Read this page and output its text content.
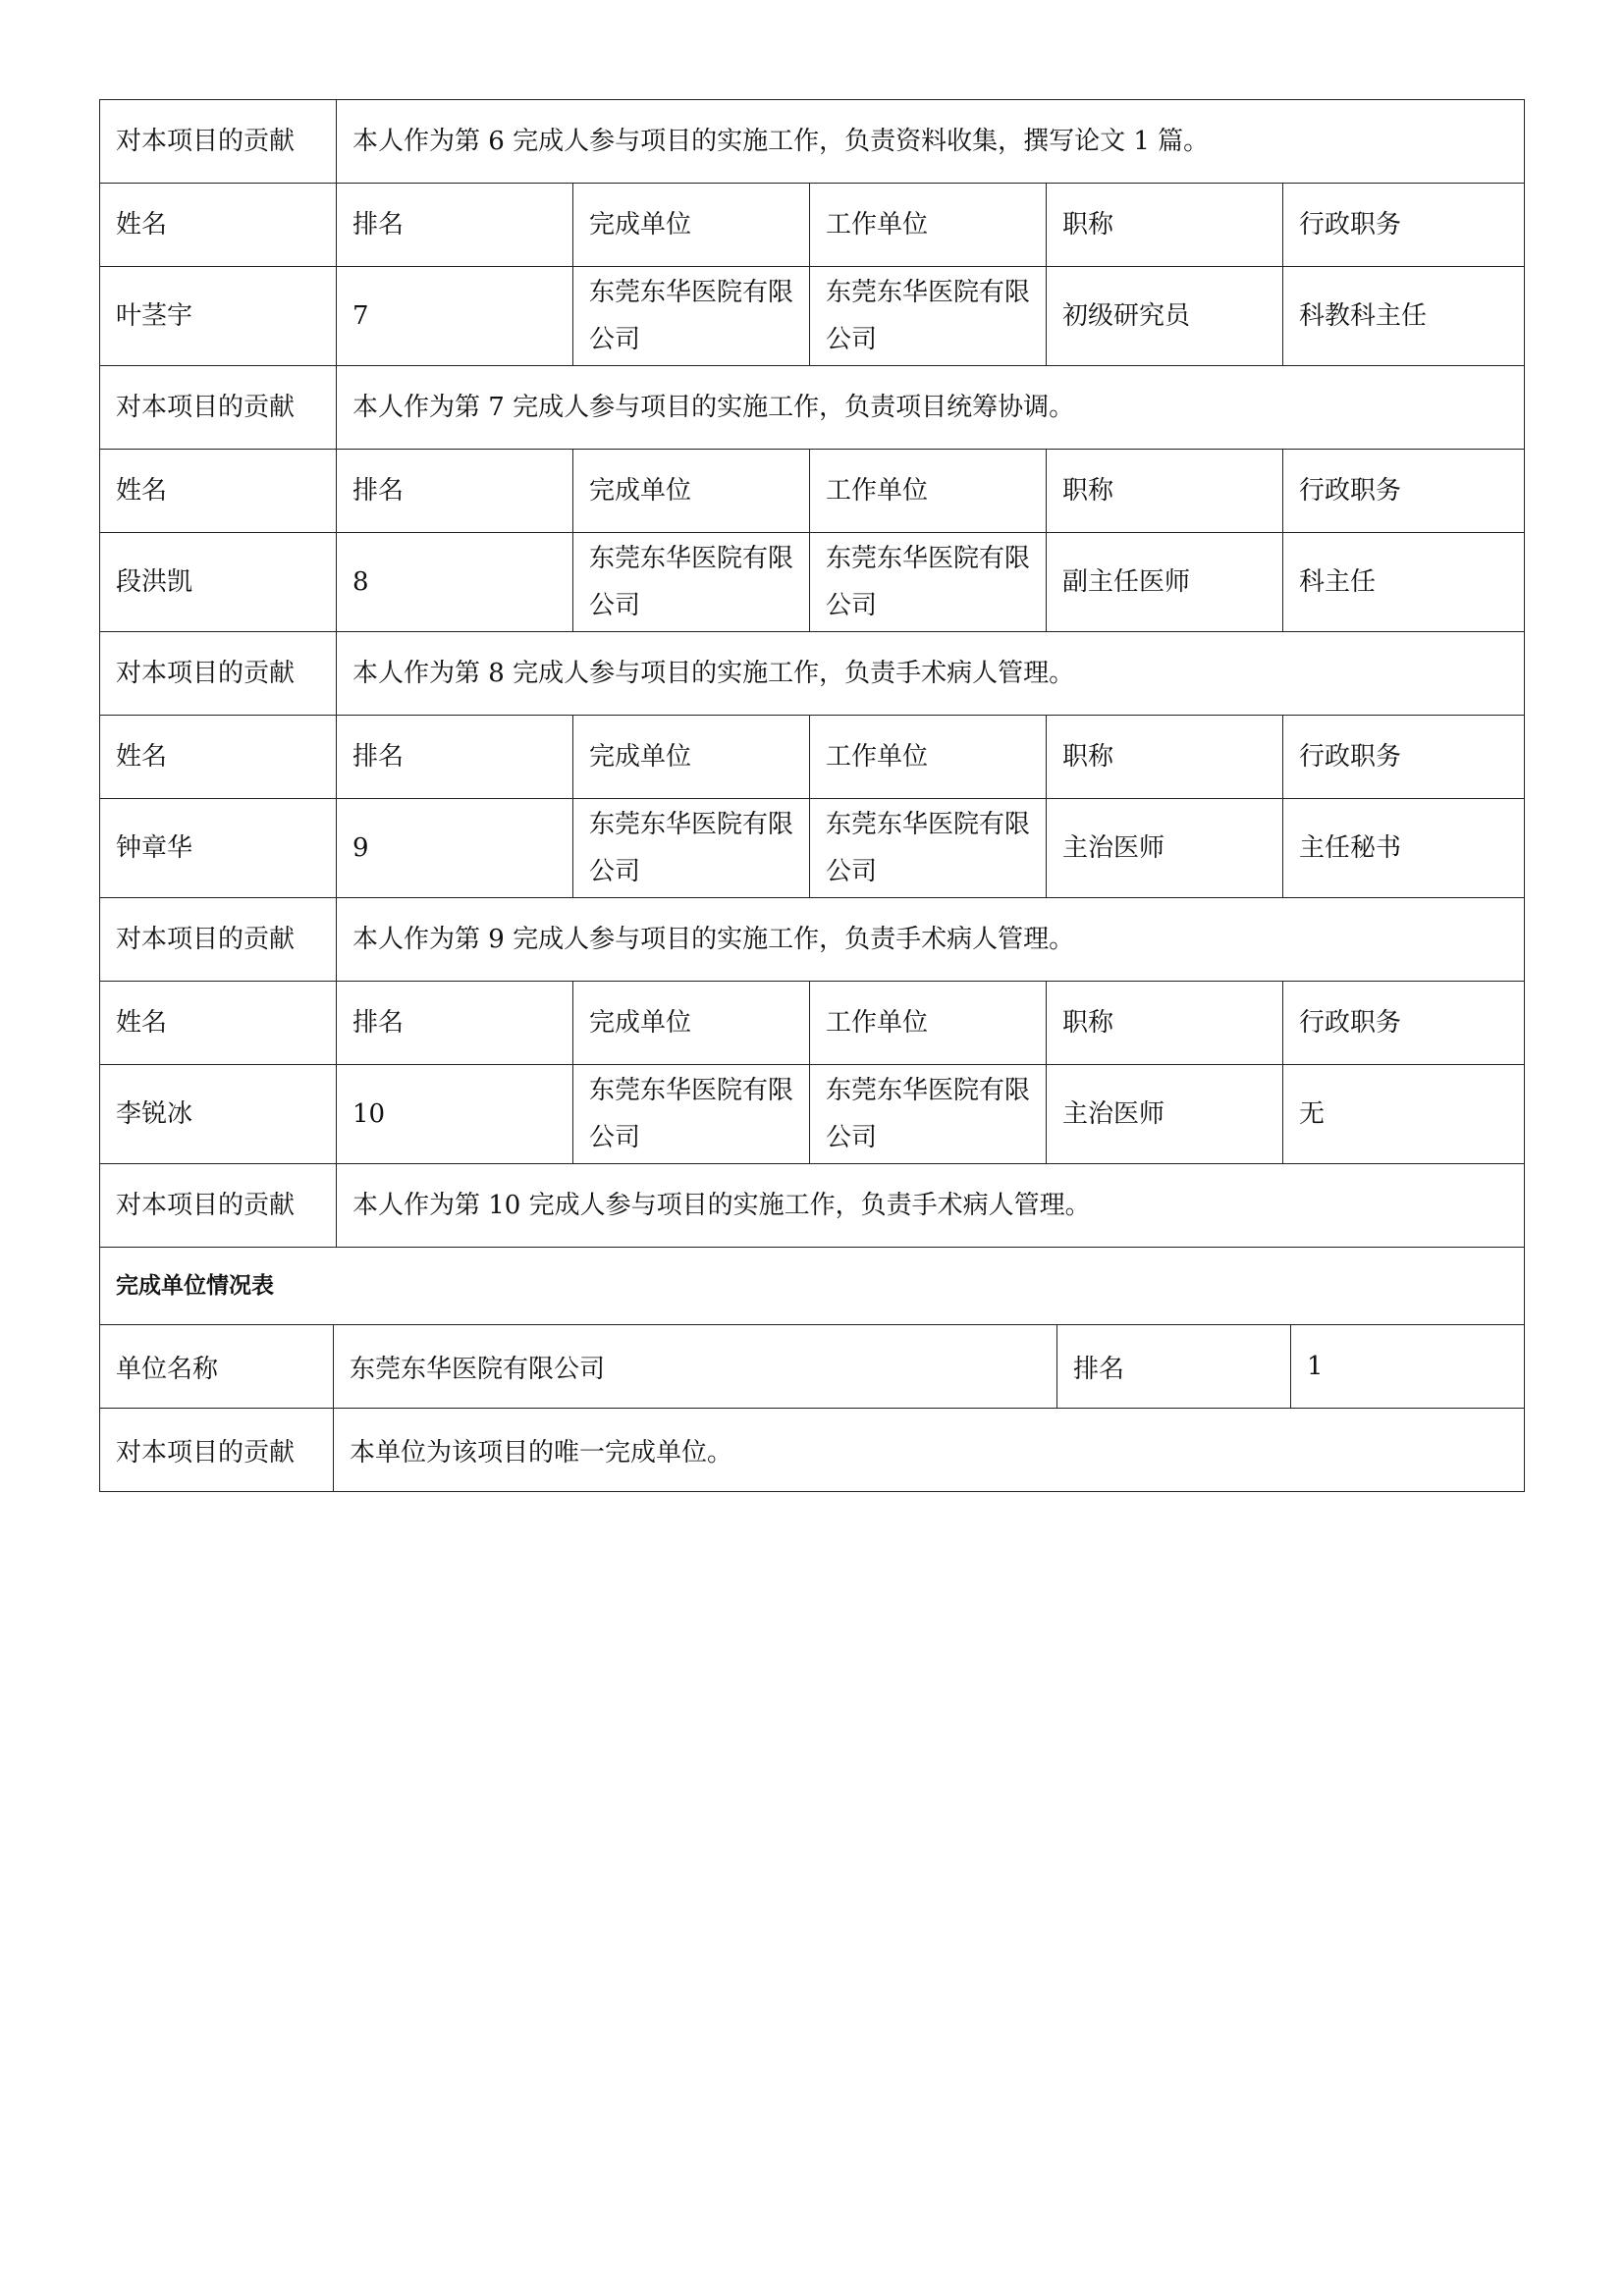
对本项目的贡献	本人作为第 6 完成人参与项目的实施工作，负责资料收集，撰写论文 1 篇。				
姓名	排名	完成单位	工作单位	职称	行政职务
叶茎宇	7	东莞东华医院有限公司	东莞东华医院有限公司	初级研究员	科教科主任
对本项目的贡献	本人作为第 7 完成人参与项目的实施工作，负责项目统筹协调。				
姓名	排名	完成单位	工作单位	职称	行政职务
段洪凯	8	东莞东华医院有限公司	东莞东华医院有限公司	副主任医师	科主任
对本项目的贡献	本人作为第 8 完成人参与项目的实施工作，负责手术病人管理。				
姓名	排名	完成单位	工作单位	职称	行政职务
钟章华	9	东莞东华医院有限公司	东莞东华医院有限公司	主治医师	主任秘书
对本项目的贡献	本人作为第 9 完成人参与项目的实施工作，负责手术病人管理。				
姓名	排名	完成单位	工作单位	职称	行政职务
李锐冰	10	东莞东华医院有限公司	东莞东华医院有限公司	主治医师	无
对本项目的贡献	本人作为第 10 完成人参与项目的实施工作，负责手术病人管理。				
完成单位情况表					
单位名称	东莞东华医院有限公司	排名	1
对本项目的贡献	本单位为该项目的唯一完成单位。		
